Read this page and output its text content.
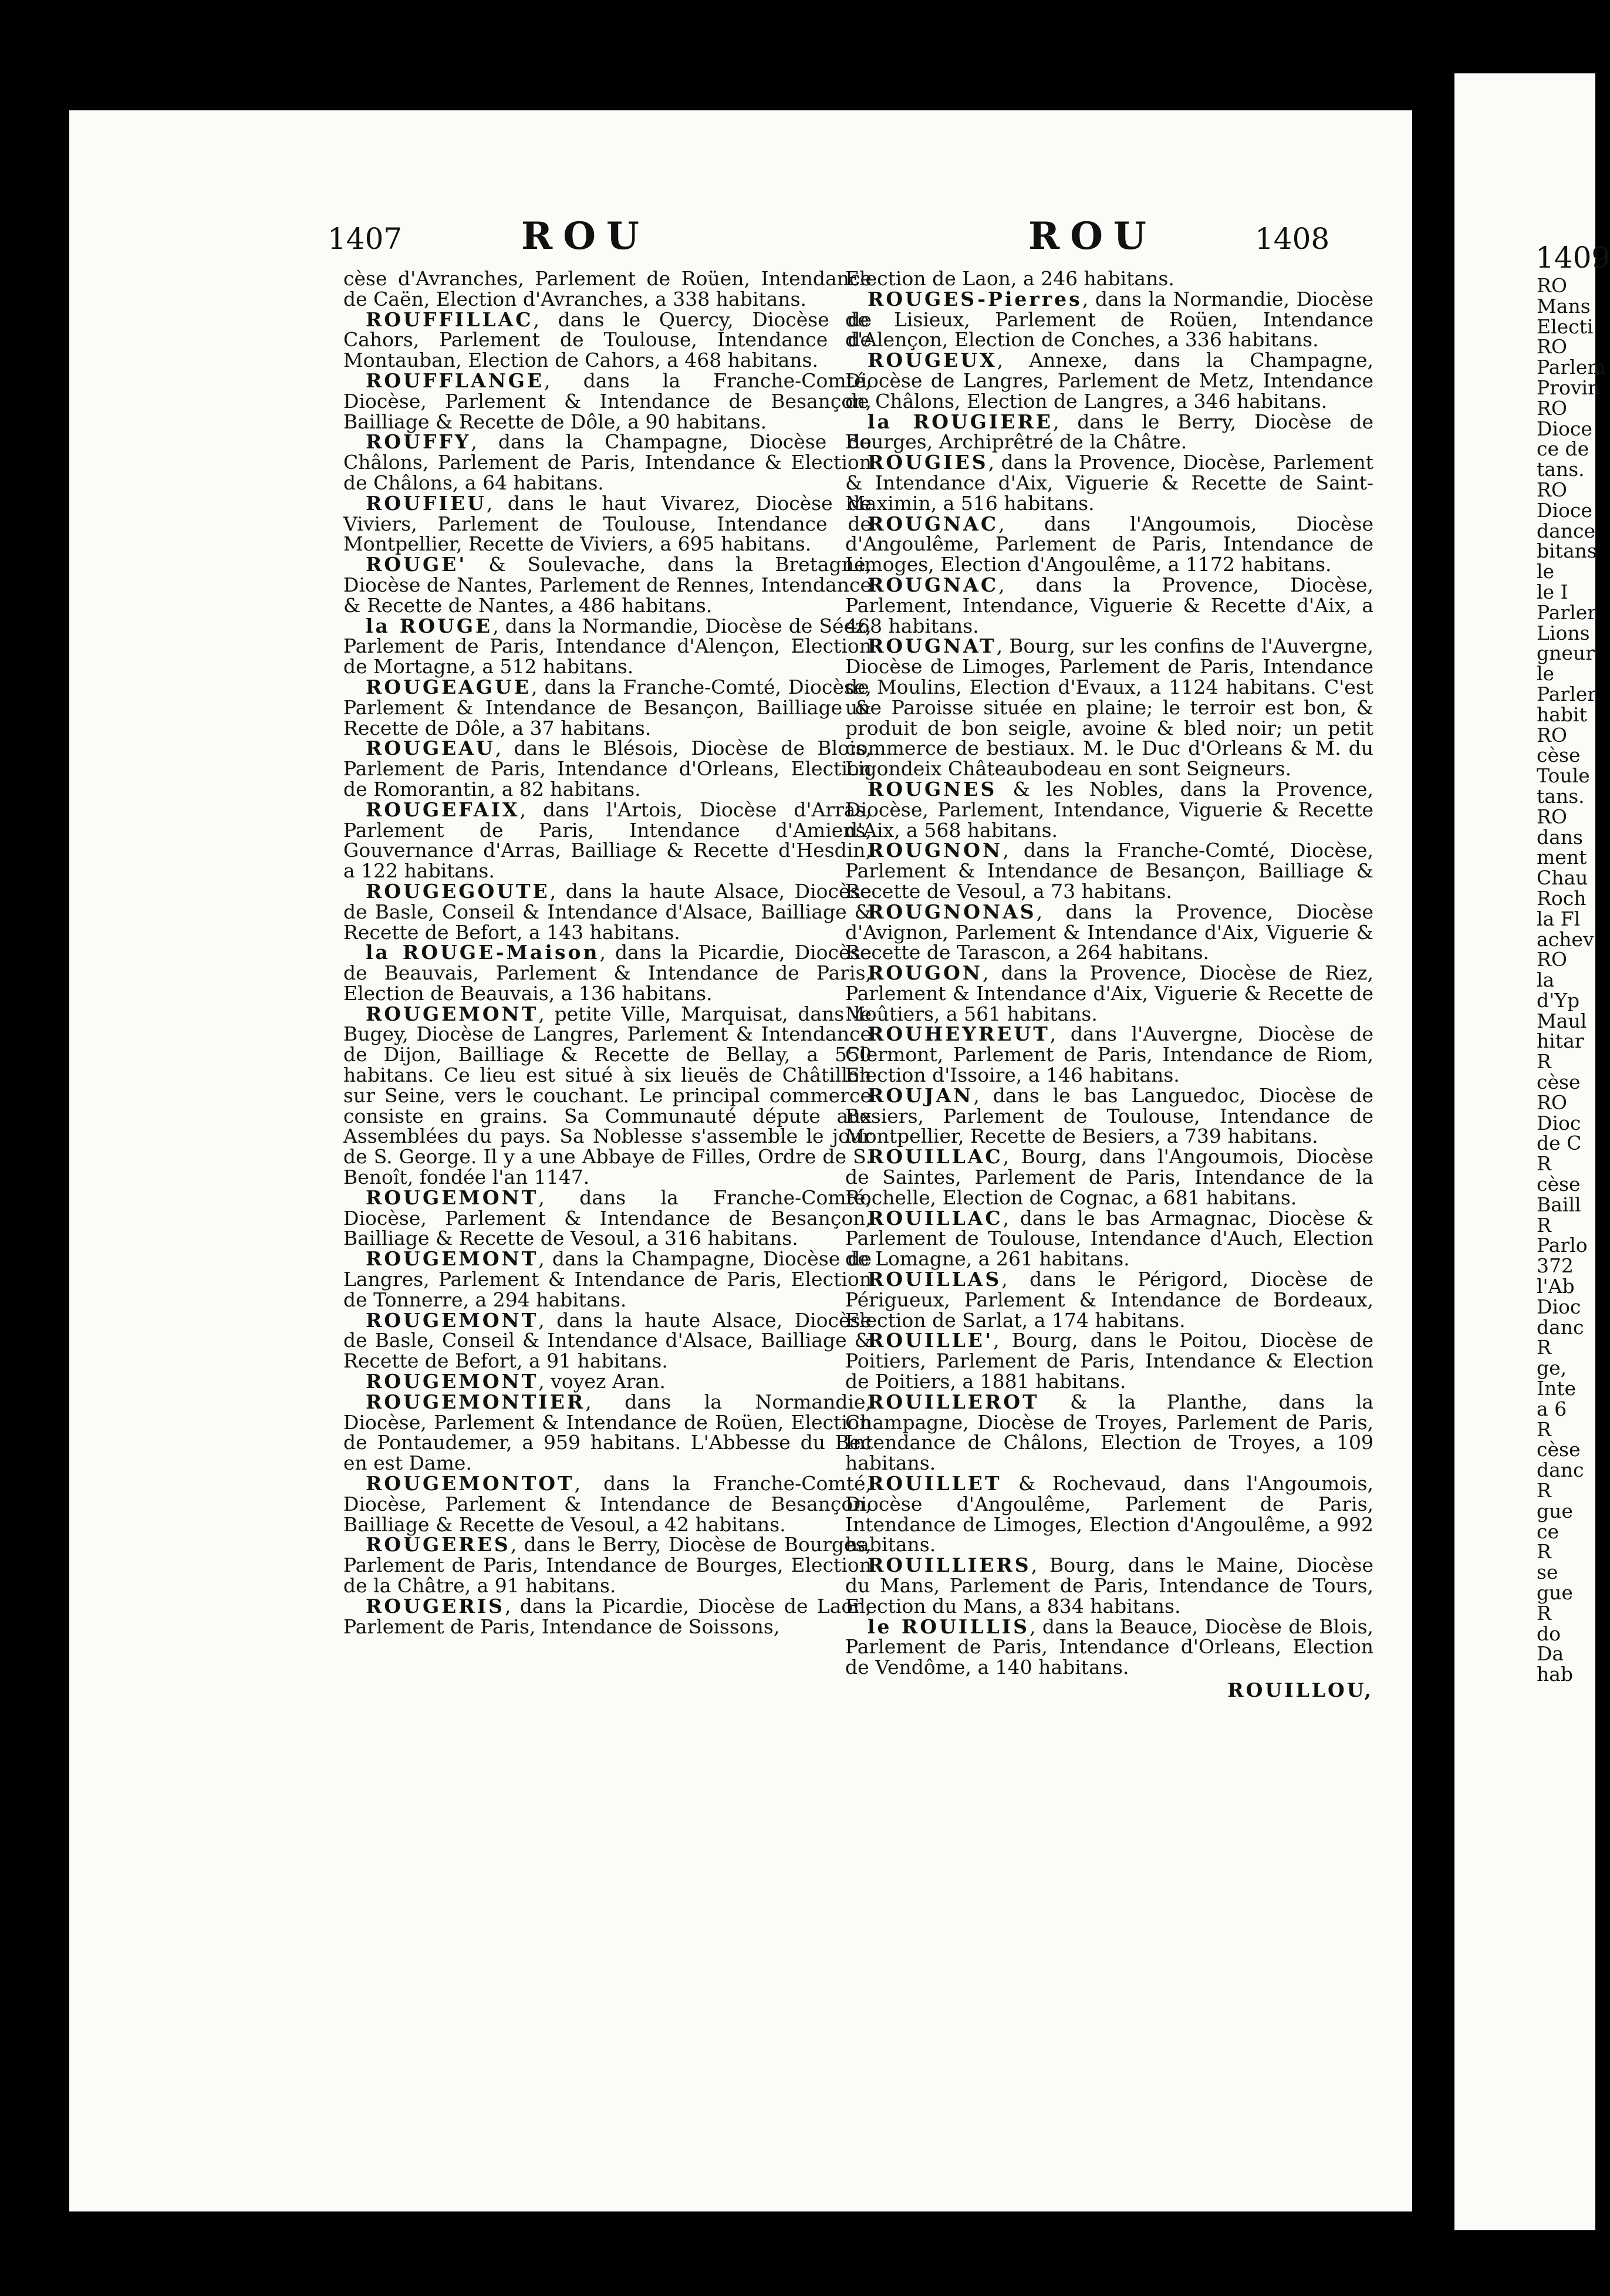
RO
Mans
Electi
RO
Parlem
Provin
RO
Dioce
ce de
tans.
RO
Dioce
dance
bitans
le
le I
Parler
Lions
gneur
le
Parler
habit
RO
cèse
Toule
tans.
RO
dans
ment
Chau
Roch
la Fl
achev
RO
la
d'Yp
Maul
hitar
R
cèse
RO
Dioc
de C
R
cèse
Baill
R
Parlo
372
l'Ab
Dioc
danc
R
ge,
Inte
a 6
R
cèse
danc
R
gue
ce
R
se
gue
R
do
Da
hab
1409
1407	ROU	ROU	1408

cèse d'Avranches, Parlement de Roüen, Intendance de Caën, Election d'Avranches, a 338 habitans.

ROUFFILLAC, dans le Quercy, Diocèse de Cahors, Parlement de Toulouse, Intendance de Montauban, Election de Cahors, a 468 habitans.

ROUFFLANGE, dans la Franche-Comté, Diocèse, Parlement & Intendance de Besançon, Bailliage & Recette de Dôle, a 90 habitans.

ROUFFY, dans la Champagne, Diocèse de Châlons, Parlement de Paris, Intendance & Election de Châlons, a 64 habitans.

ROUFIEU, dans le haut Vivarez, Diocèse de Viviers, Parlement de Toulouse, Intendance de Montpellier, Recette de Viviers, a 695 habitans.

ROUGE' & Soulevache, dans la Bretagne, Diocèse de Nantes, Parlement de Rennes, Intendance & Recette de Nantes, a 486 habitans.

la ROUGE, dans la Normandie, Diocèse de Séez, Parlement de Paris, Intendance d'Alençon, Election de Mortagne, a 512 habitans.

ROUGEAGUE, dans la Franche-Comté, Diocèse, Parlement & Intendance de Besançon, Bailliage & Recette de Dôle, a 37 habitans.

ROUGEAU, dans le Blésois, Diocèse de Blois, Parlement de Paris, Intendance d'Orleans, Election de Romorantin, a 82 habitans.

ROUGEFAIX, dans l'Artois, Diocèse d'Arras, Parlement de Paris, Intendance d'Amiens, Gouvernance d'Arras, Bailliage & Recette d'Hesdin, a 122 habitans.

ROUGEGOUTE, dans la haute Alsace, Diocèse de Basle, Conseil & Intendance d'Alsace, Bailliage & Recette de Befort, a 143 habitans.

la ROUGE-Maison, dans la Picardie, Diocèse de Beauvais, Parlement & Intendance de Paris, Election de Beauvais, a 136 habitans.

ROUGEMONT, petite Ville, Marquisat, dans le Bugey, Diocèse de Langres, Parlement & Intendance de Dijon, Bailliage & Recette de Bellay, a 550 habitans. Ce lieu est situé à six lieuës de Châtillon sur Seine, vers le couchant. Le principal commerce consiste en grains. Sa Communauté députe aux Assemblées du pays. Sa Noblesse s'assemble le jour de S. George. Il y a une Abbaye de Filles, Ordre de S. Benoît, fondée l'an 1147.

ROUGEMONT, dans la Franche-Comté, Diocèse, Parlement & Intendance de Besançon, Bailliage & Recette de Vesoul, a 316 habitans.

ROUGEMONT, dans la Champagne, Diocèse de Langres, Parlement & Intendance de Paris, Election de Tonnerre, a 294 habitans.

ROUGEMONT, dans la haute Alsace, Diocèse de Basle, Conseil & Intendance d'Alsace, Bailliage & Recette de Befort, a 91 habitans.

ROUGEMONT, voyez Aran.

ROUGEMONTIER, dans la Normandie, Diocèse, Parlement & Intendance de Roüen, Election de Pontaudemer, a 959 habitans. L'Abbesse du Bec en est Dame.

ROUGEMONTOT, dans la Franche-Comté, Diocèse, Parlement & Intendance de Besançon, Bailliage & Recette de Vesoul, a 42 habitans.

ROUGERES, dans le Berry, Diocèse de Bourges, Parlement de Paris, Intendance de Bourges, Election de la Châtre, a 91 habitans.

ROUGERIS, dans la Picardie, Diocèse de Laon, Parlement de Paris, Intendance de Soissons,

Election de Laon, a 246 habitans.

ROUGES-Pierres, dans la Normandie, Diocèse de Lisieux, Parlement de Roüen, Intendance d'Alençon, Election de Conches, a 336 habitans.

ROUGEUX, Annexe, dans la Champagne, Diocèse de Langres, Parlement de Metz, Intendance de Châlons, Election de Langres, a 346 habitans.

la ROUGIERE, dans le Berry, Diocèse de Bourges, Archiprêtré de la Châtre.

ROUGIES, dans la Provence, Diocèse, Parlement & Intendance d'Aix, Viguerie & Recette de Saint-Maximin, a 516 habitans.

ROUGNAC, dans l'Angoumois, Diocèse d'Angoulême, Parlement de Paris, Intendance de Limoges, Election d'Angoulême, a 1172 habitans.

ROUGNAC, dans la Provence, Diocèse, Parlement, Intendance, Viguerie & Recette d'Aix, a 468 habitans.

ROUGNAT, Bourg, sur les confins de l'Auvergne, Diocèse de Limoges, Parlement de Paris, Intendance de Moulins, Election d'Evaux, a 1124 habitans. C'est une Paroisse située en plaine; le terroir est bon, & produit de bon seigle, avoine & bled noir; un petit commerce de bestiaux. M. le Duc d'Orleans & M. du Ligondeix Châteaubodeau en sont Seigneurs.

ROUGNES & les Nobles, dans la Provence, Diocèse, Parlement, Intendance, Viguerie & Recette d'Aix, a 568 habitans.

ROUGNON, dans la Franche-Comté, Diocèse, Parlement & Intendance de Besançon, Bailliage & Recette de Vesoul, a 73 habitans.

ROUGNONAS, dans la Provence, Diocèse d'Avignon, Parlement & Intendance d'Aix, Viguerie & Recette de Tarascon, a 264 habitans.

ROUGON, dans la Provence, Diocèse de Riez, Parlement & Intendance d'Aix, Viguerie & Recette de Moûtiers, a 561 habitans.

ROUHEYREUT, dans l'Auvergne, Diocèse de Clermont, Parlement de Paris, Intendance de Riom, Election d'Issoire, a 146 habitans.

ROUJAN, dans le bas Languedoc, Diocèse de Besiers, Parlement de Toulouse, Intendance de Montpellier, Recette de Besiers, a 739 habitans.

ROUILLAC, Bourg, dans l'Angoumois, Diocèse de Saintes, Parlement de Paris, Intendance de la Rochelle, Election de Cognac, a 681 habitans.

ROUILLAC, dans le bas Armagnac, Diocèse & Parlement de Toulouse, Intendance d'Auch, Election de Lomagne, a 261 habitans.

ROUILLAS, dans le Périgord, Diocèse de Périgueux, Parlement & Intendance de Bordeaux, Election de Sarlat, a 174 habitans.

ROUILLE', Bourg, dans le Poitou, Diocèse de Poitiers, Parlement de Paris, Intendance & Election de Poitiers, a 1881 habitans.

ROUILLEROT & la Planthe, dans la Champagne, Diocèse de Troyes, Parlement de Paris, Intendance de Châlons, Election de Troyes, a 109 habitans.

ROUILLET & Rochevaud, dans l'Angoumois, Diocèse d'Angoulême, Parlement de Paris, Intendance de Limoges, Election d'Angoulême, a 992 habitans.

ROUILLIERS, Bourg, dans le Maine, Diocèse du Mans, Parlement de Paris, Intendance de Tours, Election du Mans, a 834 habitans.

le ROUILLIS, dans la Beauce, Diocèse de Blois, Parlement de Paris, Intendance d'Orleans, Election de Vendôme, a 140 habitans.

ROUILLOU,
